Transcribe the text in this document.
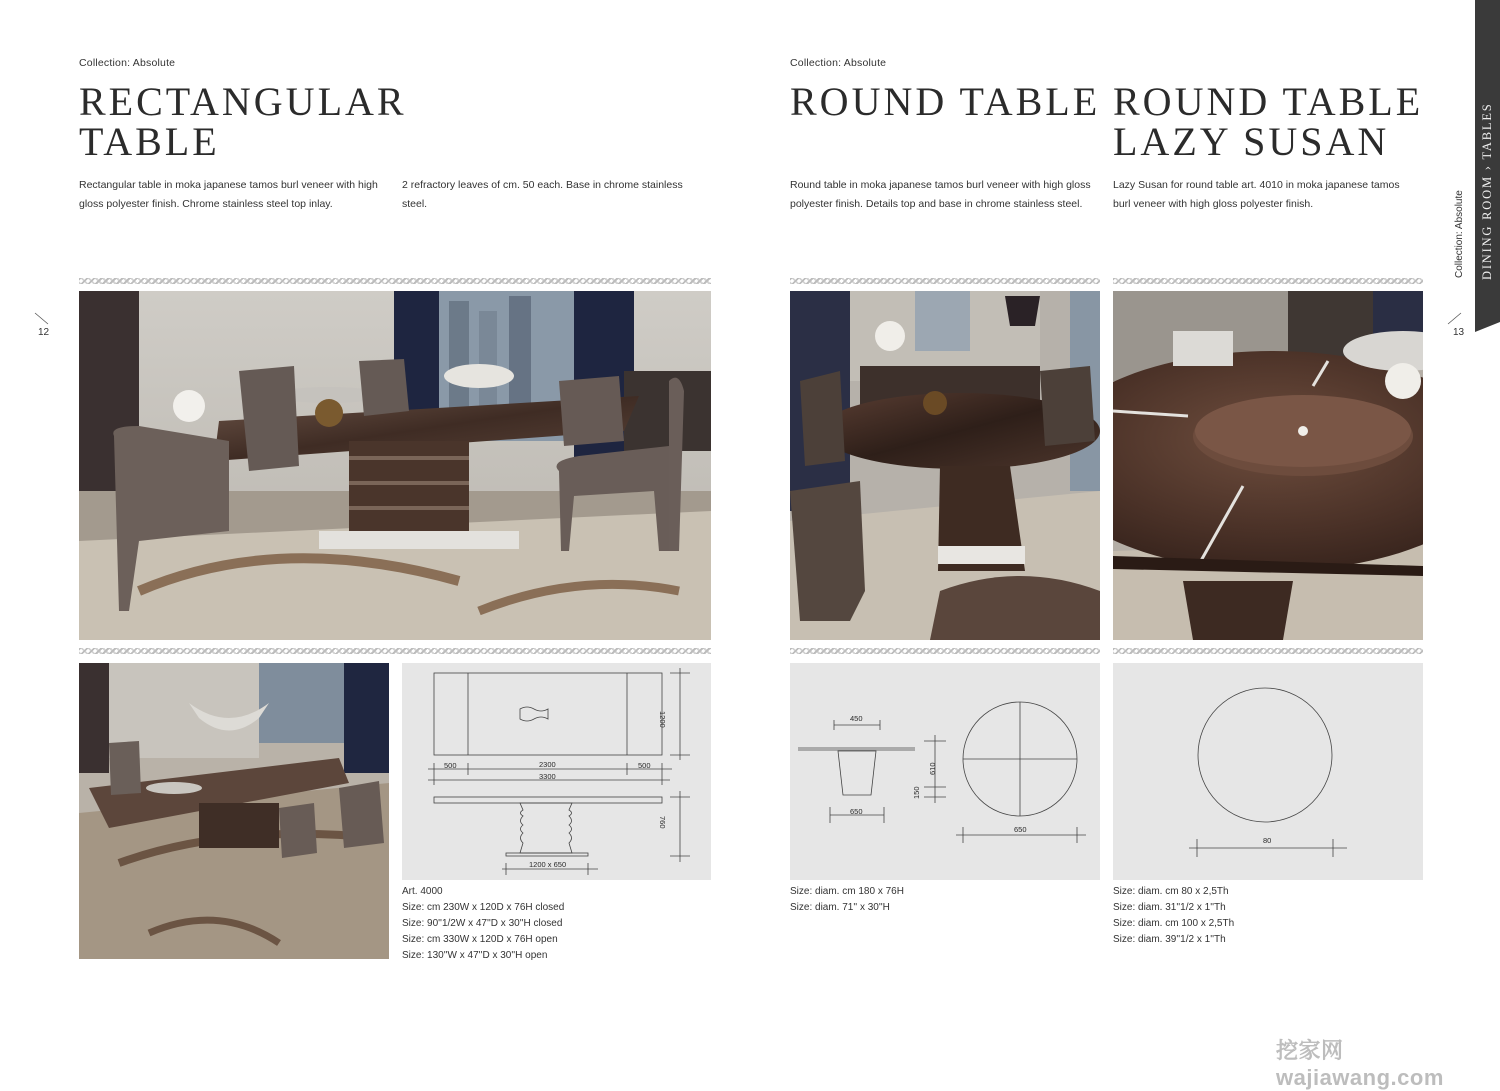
Collection: Absolute
RECTANGULAR
TABLE
Rectangular table in moka japanese tamos burl veneer with high gloss polyester finish. Chrome stainless steel top inlay.
2 refractory leaves of cm. 50 each. Base in chrome stainless steel.
12
1200
500	2300	500
3300
760
1200 x 650
Art. 4000
Size: cm 230W x 120D x 76H closed
Size: 90''1/2W x 47''D x 30''H closed
Size: cm 330W x 120D x 76H open
Size: 130''W x 47''D x 30''H open
Collection: Absolute
ROUND TABLE ROUND TABLE
LAZY SUSAN
Round table in moka japanese tamos burl veneer with high gloss polyester finish. Details top and base in chrome stainless steel.
Lazy Susan for round table art. 4010 in moka japanese tamos burl veneer with high gloss polyester finish.
450
610
150
650
650
80
Size: diam. cm 180 x 76H
Size: diam. 71'' x 30''H
Size: diam. cm 80 x 2,5Th
Size: diam. 31''1/2 x 1''Th
Size: diam. cm 100 x 2,5Th
Size: diam. 39''1/2 x 1''Th
13
DINING ROOM › TABLES
Collection: Absolute
挖家网 wajiawang.com
